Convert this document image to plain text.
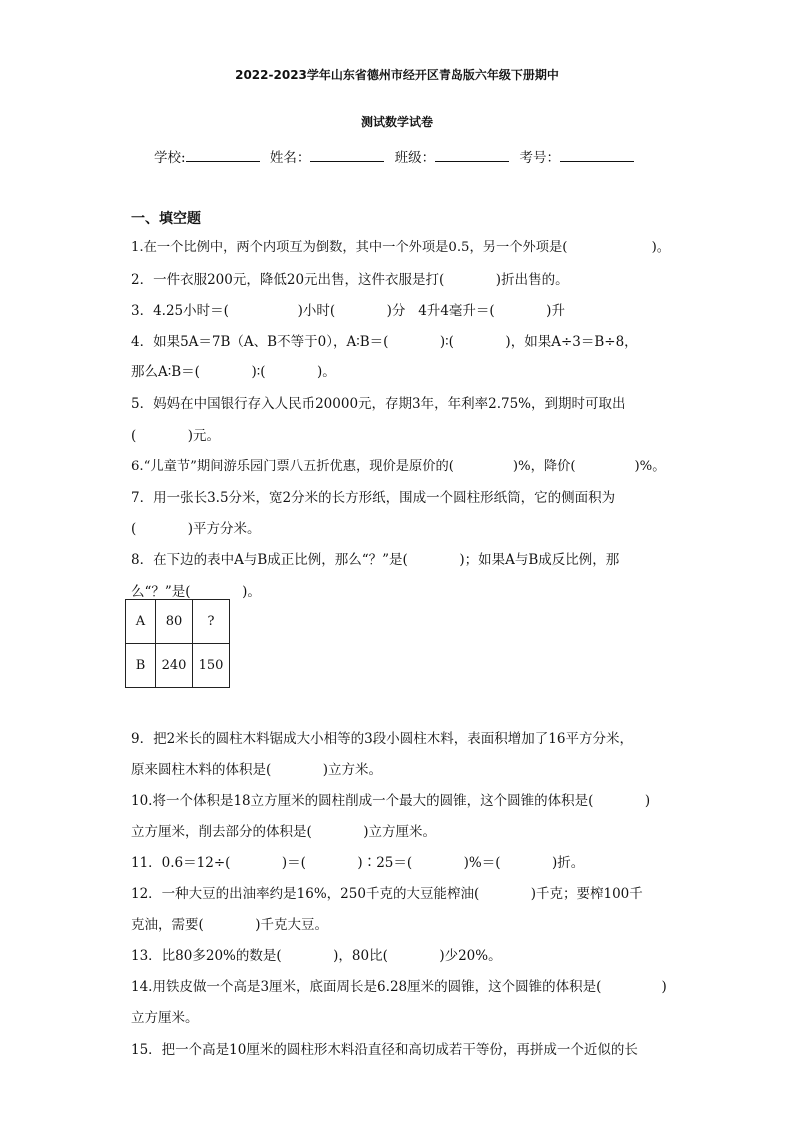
2022-2023学年山东省德州市经开区青岛版六年级下册期中
测试数学试卷
学校:	姓名：	班级：	考号：
一、填空题
1.在一个比例中，两个内项互为倒数，其中一个外项是0.5，另一个外项是(                    )。
2．一件衣服200元，降低20元出售，这件衣服是打(            )折出售的。
3．4.25小时＝(                )小时(            )分   4升4毫升＝(            )升
4．如果5A＝7B（A、B不等于0），A∶B＝(            )∶(            )，如果A÷3＝B÷8，
那么A∶B＝(            )∶(            )。
5．妈妈在中国银行存入人民币20000元，存期3年，年利率2.75%，到期时可取出
(            )元。
6.“儿童节”期间游乐园门票八五折优惠，现价是原价的(              )%，降价(              )%。
7．用一张长3.5分米，宽2分米的长方形纸，围成一个圆柱形纸筒，它的侧面积为
(            )平方分米。
8．在下边的表中A与B成正比例，那么“？”是(            )；如果A与B成反比例，那
么“？”是(            )。
A	80	?
B	240	150
9．把2米长的圆柱木料锯成大小相等的3段小圆柱木料，表面积增加了16平方分米，
原来圆柱木料的体积是(            )立方米。
10.将一个体积是18立方厘米的圆柱削成一个最大的圆锥，这个圆锥的体积是(            )
立方厘米，削去部分的体积是(            )立方厘米。
11．0.6＝12÷(            )＝(            )∶25＝(            )%＝(            )折。
12．一种大豆的出油率约是16%，250千克的大豆能榨油(            )千克；要榨100千
克油，需要(            )千克大豆。
13．比80多20%的数是(            )，80比(            )少20%。
14.用铁皮做一个高是3厘米，底面周长是6.28厘米的圆锥，这个圆锥的体积是(              )
立方厘米。
15．把一个高是10厘米的圆柱形木料沿直径和高切成若干等份，再拼成一个近似的长
